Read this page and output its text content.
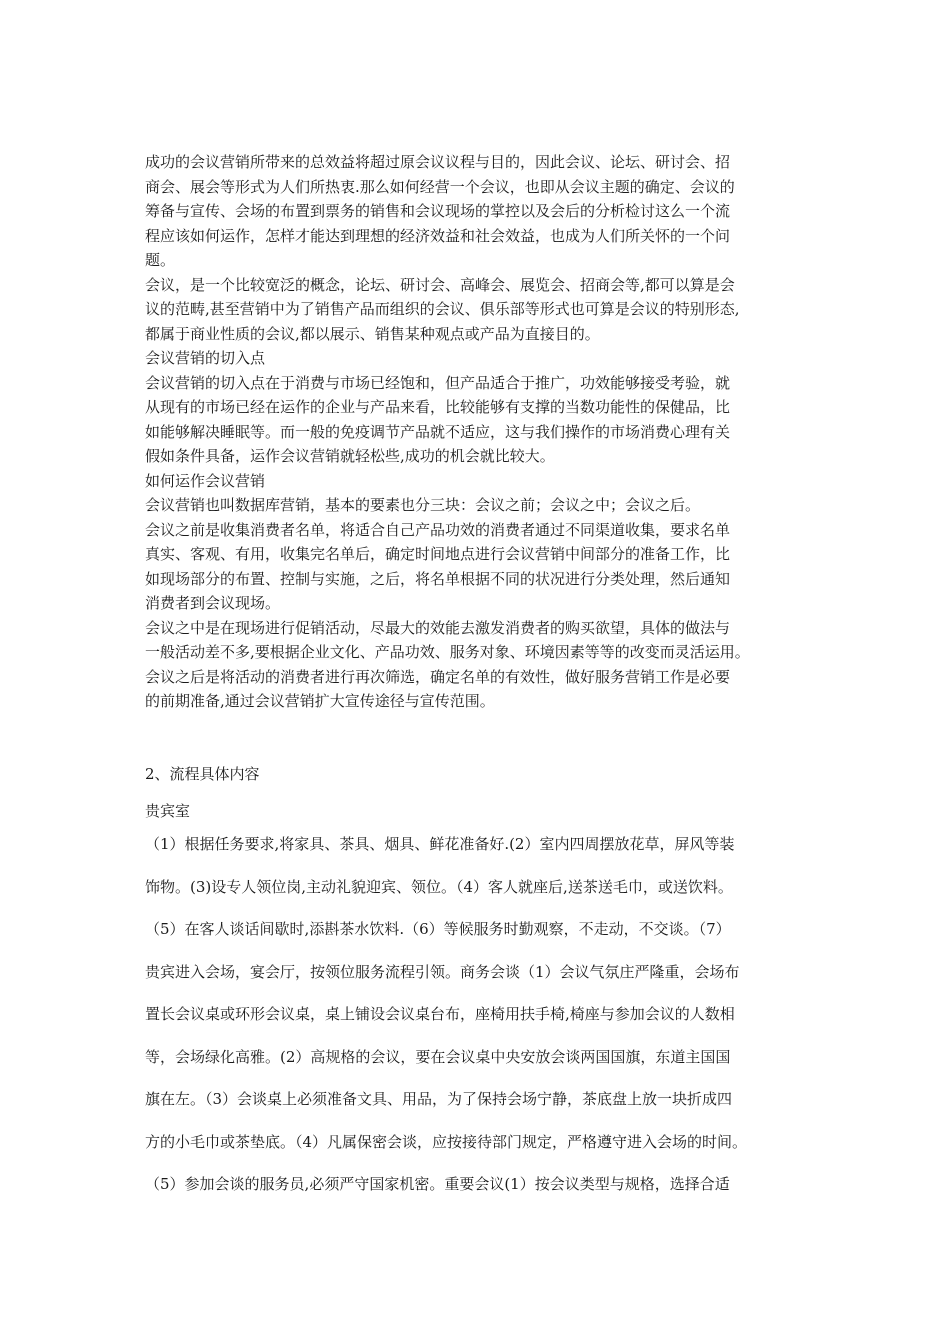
成功的会议营销所带来的总效益将超过原会议议程与目的，因此会议、论坛、研讨会、招
商会、展会等形式为人们所热衷.那么如何经营一个会议，也即从会议主题的确定、会议的
筹备与宣传、会场的布置到票务的销售和会议现场的掌控以及会后的分析检讨这么一个流
程应该如何运作，怎样才能达到理想的经济效益和社会效益，也成为人们所关怀的一个问
题。
会议，是一个比较宽泛的概念，论坛、研讨会、高峰会、展览会、招商会等,都可以算是会
议的范畴,甚至营销中为了销售产品而组织的会议、俱乐部等形式也可算是会议的特别形态,
都属于商业性质的会议,都以展示、销售某种观点或产品为直接目的。
会议营销的切入点
会议营销的切入点在于消费与市场已经饱和，但产品适合于推广，功效能够接受考验，就
从现有的市场已经在运作的企业与产品来看，比较能够有支撑的当数功能性的保健品，比
如能够解决睡眠等。而一般的免疫调节产品就不适应，这与我们操作的市场消费心理有关
假如条件具备，运作会议营销就轻松些,成功的机会就比较大。
如何运作会议营销
会议营销也叫数据库营销，基本的要素也分三块：会议之前；会议之中；会议之后。
会议之前是收集消费者名单，将适合自己产品功效的消费者通过不同渠道收集，要求名单
真实、客观、有用，收集完名单后，确定时间地点进行会议营销中间部分的准备工作，比
如现场部分的布置、控制与实施，之后，将名单根据不同的状况进行分类处理，然后通知
消费者到会议现场。
会议之中是在现场进行促销活动，尽最大的效能去激发消费者的购买欲望，具体的做法与
一般活动差不多,要根据企业文化、产品功效、服务对象、环境因素等等的改变而灵活运用。
会议之后是将活动的消费者进行再次筛选，确定名单的有效性，做好服务营销工作是必要
的前期准备,通过会议营销扩大宣传途径与宣传范围。
2、流程具体内容
贵宾室
（1）根据任务要求,将家具、茶具、烟具、鲜花准备好.(2）室内四周摆放花草，屏风等装
饰物。(3)设专人领位岗,主动礼貌迎宾、领位。（4）客人就座后,送茶送毛巾，或送饮料。
（5）在客人谈话间歇时,添斟茶水饮料.（6）等候服务时勤观察，不走动，不交谈。（7）
贵宾进入会场，宴会厅，按领位服务流程引领。商务会谈（1）会议气氛庄严隆重，会场布
置长会议桌或环形会议桌，桌上铺设会议桌台布，座椅用扶手椅,椅座与参加会议的人数相
等，会场绿化高雅。(2）高规格的会议，要在会议桌中央安放会谈两国国旗，东道主国国
旗在左。（3）会谈桌上必须准备文具、用品，为了保持会场宁静，茶底盘上放一块折成四
方的小毛巾或茶垫底。（4）凡属保密会谈，应按接待部门规定，严格遵守进入会场的时间。
（5）参加会谈的服务员,必须严守国家机密。重要会议(1）按会议类型与规格，选择合适
